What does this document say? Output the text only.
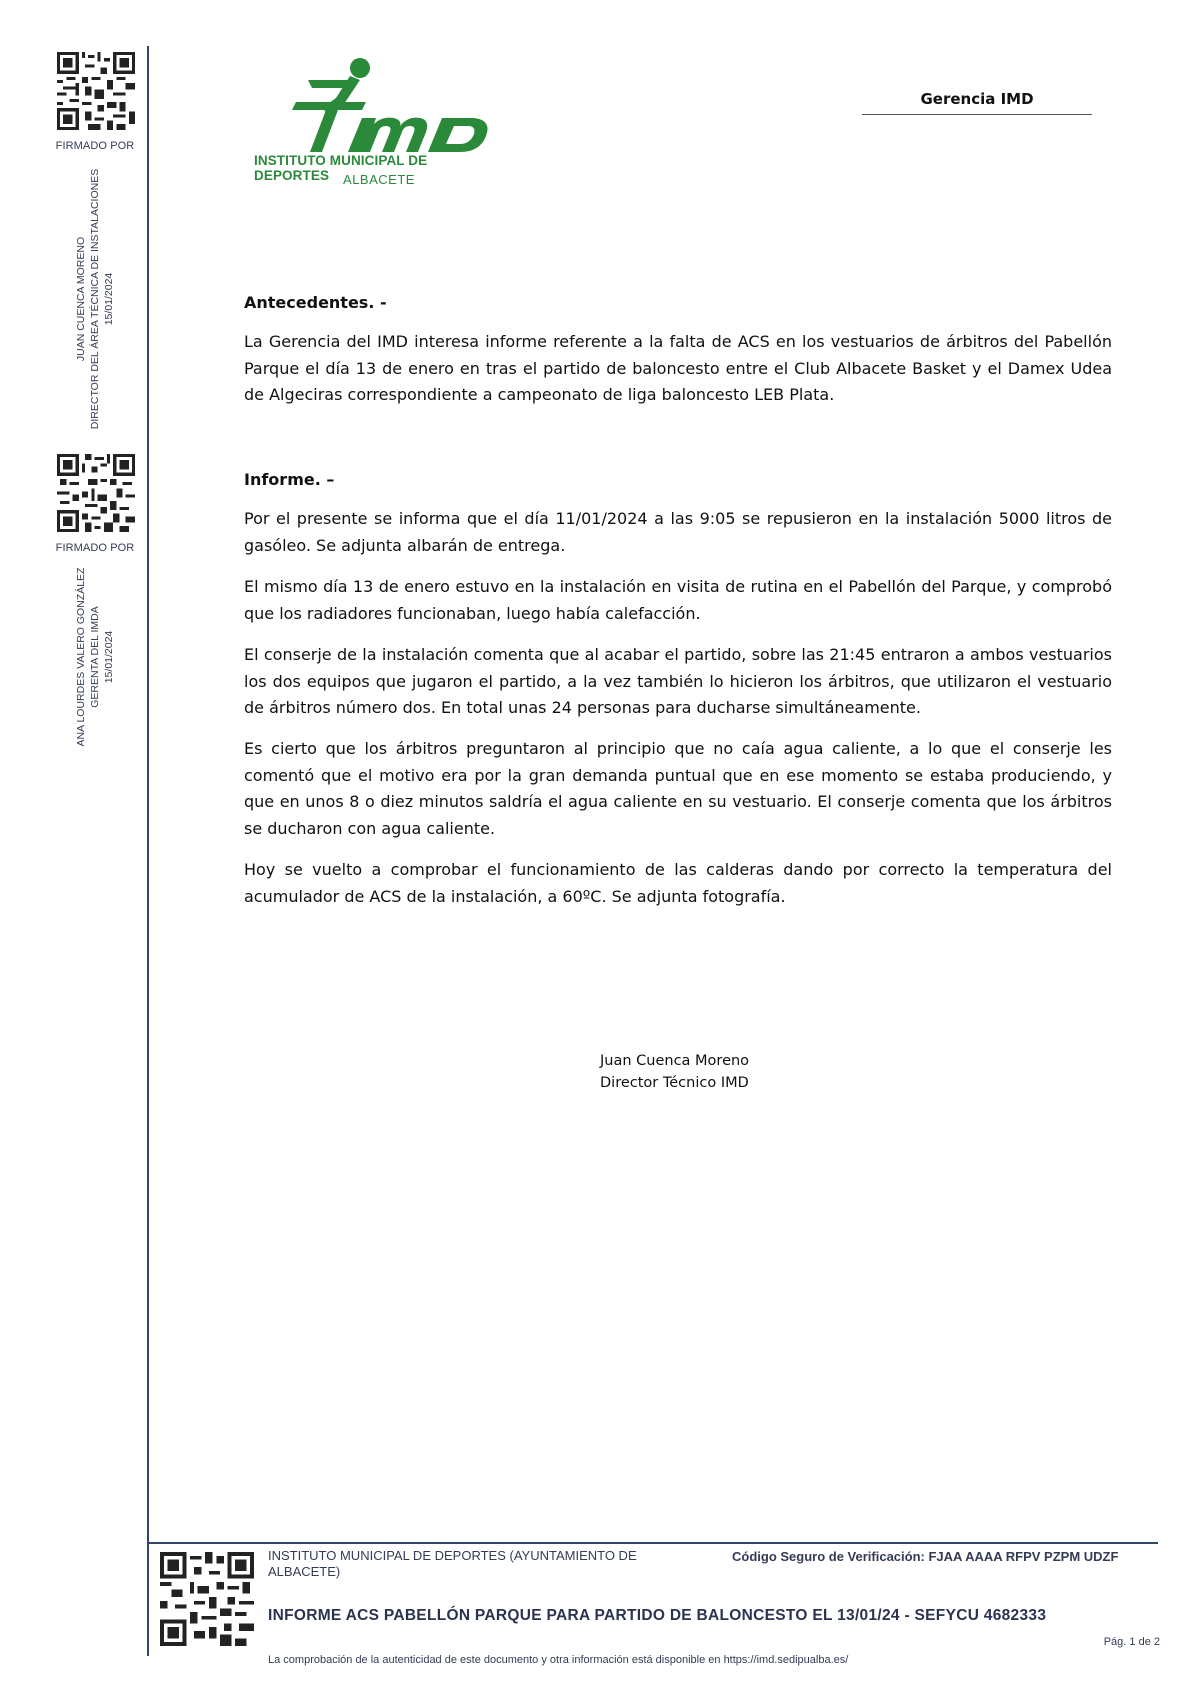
FIRMADO POR
JUAN CUENCA MORENO DIRECTOR DEL ÁREA TÉCNICA DE INSTALACIONES 15/01/2024
FIRMADO POR
ANA LOURDES VALERO GONZÁLEZ GERENTA DEL IMDA 15/01/2024
INSTITUTO MUNICIPAL DE DEPORTES	ALBACETE
Gerencia IMD
Antecedentes. -
La Gerencia del IMD interesa informe referente a la falta de ACS en los vestuarios de árbitros del Pabellón Parque el día 13 de enero en tras el partido de baloncesto entre el Club Albacete Basket y el Damex Udea de Algeciras correspondiente a campeonato de liga baloncesto LEB Plata.
Informe. –
Por el presente se informa que el día 11/01/2024 a las 9:05 se repusieron en la instalación 5000 litros de gasóleo. Se adjunta albarán de entrega.
El mismo día 13 de enero estuvo en la instalación en visita de rutina en el Pabellón del Parque, y comprobó que los radiadores funcionaban, luego había calefacción.
El conserje de la instalación comenta que al acabar el partido, sobre las 21:45 entraron a ambos vestuarios los dos equipos que jugaron el partido, a la vez también lo hicieron los árbitros, que utilizaron el vestuario de árbitros número dos. En total unas 24 personas para ducharse simultáneamente.
Es cierto que los árbitros preguntaron al principio que no caía agua caliente, a lo que el conserje les comentó que el motivo era por la gran demanda puntual que en ese momento se estaba produciendo, y que en unos 8 o diez minutos saldría el agua caliente en su vestuario. El conserje comenta que los árbitros se ducharon con agua caliente.
Hoy se vuelto a comprobar el funcionamiento de las calderas dando por correcto la temperatura del acumulador de ACS de la instalación, a 60ºC. Se adjunta fotografía.
Juan Cuenca Moreno
Director Técnico IMD
INSTITUTO MUNICIPAL DE DEPORTES (AYUNTAMIENTO DE ALBACETE)
Código Seguro de Verificación: FJAA AAAA RFPV PZPM UDZF
INFORME ACS PABELLÓN PARQUE PARA PARTIDO DE BALONCESTO EL 13/01/24 - SEFYCU 4682333
Pág. 1 de 2
La comprobación de la autenticidad de este documento y otra información está disponible en https://imd.sedipualba.es/
